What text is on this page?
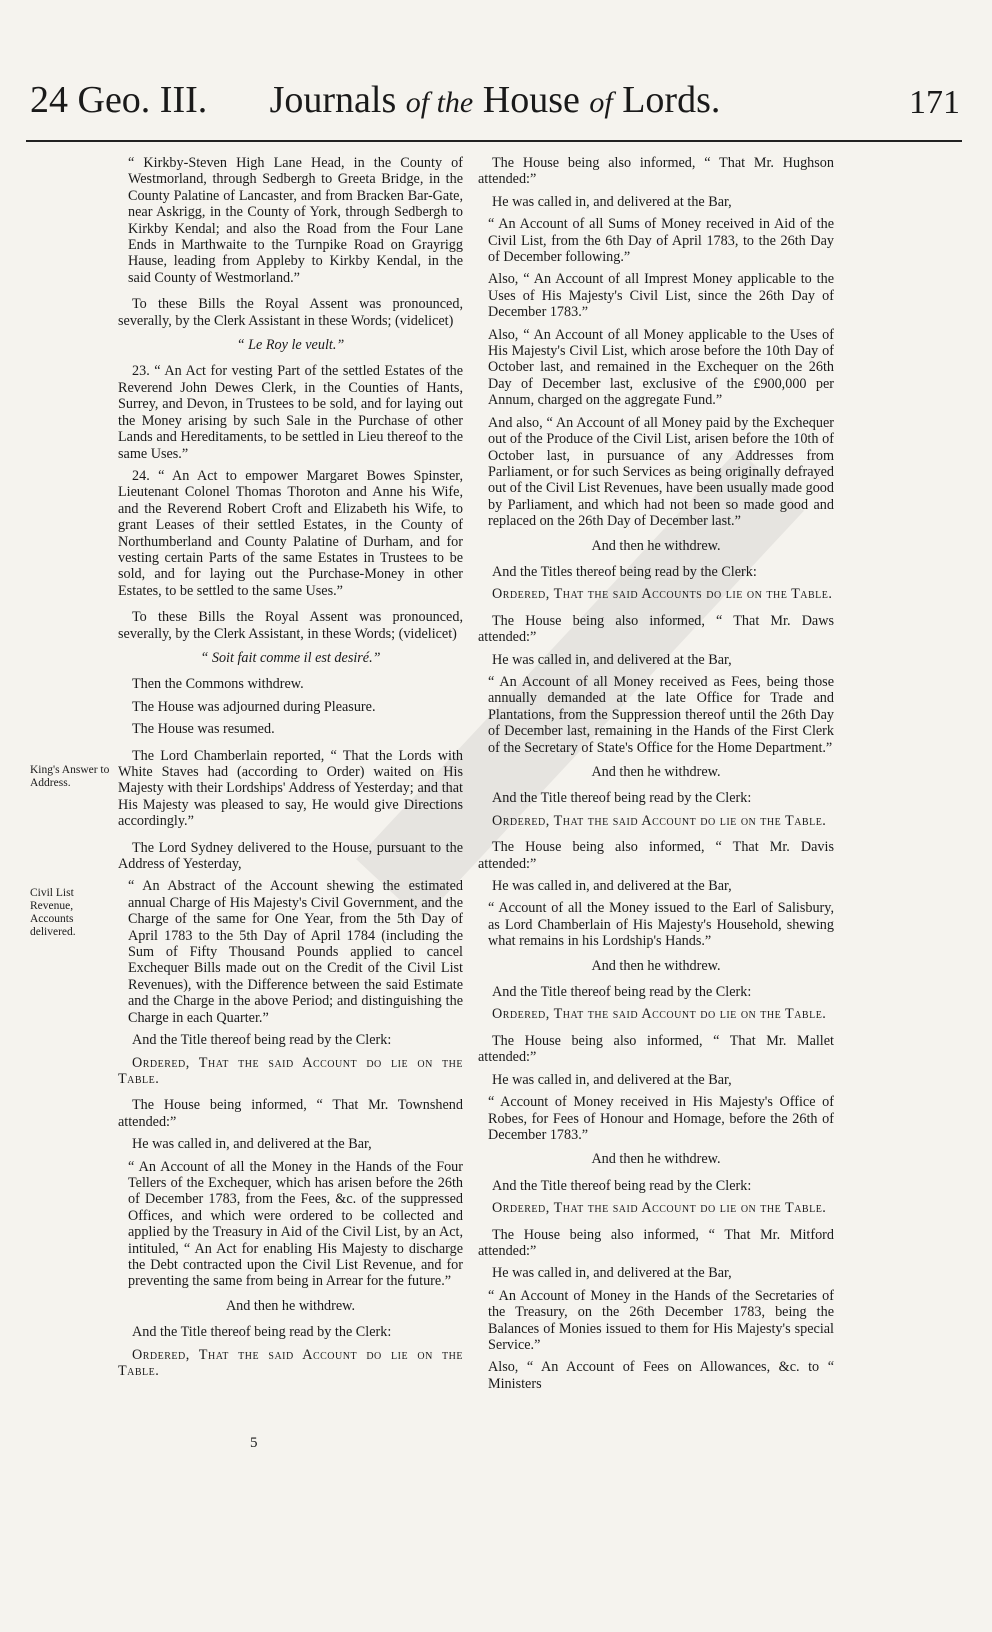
24 Geo. III.	Journals of the House of Lords.	171
King's Answer to Address.
Civil List Revenue, Accounts delivered.

“ Kirkby-Steven High Lane Head, in the County of Westmorland, through Sedbergh to Greeta Bridge, in the County Palatine of Lancaster, and from Bracken Bar-Gate, near Askrigg, in the County of York, through Sedbergh to Kirkby Kendal; and also the Road from the Four Lane Ends in Marthwaite to the Turnpike Road on Grayrigg Hause, leading from Appleby to Kirkby Kendal, in the said County of Westmorland.”

To these Bills the Royal Assent was pronounced, severally, by the Clerk Assistant in these Words; (videlicet)

“ Le Roy le veult.”

23. “ An Act for vesting Part of the settled Estates of the Reverend John Dewes Clerk, in the Counties of Hants, Surrey, and Devon, in Trustees to be sold, and for laying out the Money arising by such Sale in the Purchase of other Lands and Hereditaments, to be settled in Lieu thereof to the same Uses.”

24. “ An Act to empower Margaret Bowes Spinster, Lieutenant Colonel Thomas Thoroton and Anne his Wife, and the Reverend Robert Croft and Elizabeth his Wife, to grant Leases of their settled Estates, in the County of Northumberland and County Palatine of Durham, and for vesting certain Parts of the same Estates in Trustees to be sold, and for laying out the Purchase-Money in other Estates, to be settled to the same Uses.”

To these Bills the Royal Assent was pronounced, severally, by the Clerk Assistant, in these Words; (videlicet)

“ Soit fait comme il est desiré.”

Then the Commons withdrew.

The House was adjourned during Pleasure.

The House was resumed.

The Lord Chamberlain reported, “ That the Lords with White Staves had (according to Order) waited on His Majesty with their Lordships' Address of Yesterday; and that His Majesty was pleased to say, He would give Directions accordingly.”

The Lord Sydney delivered to the House, pursuant to the Address of Yesterday,

“ An Abstract of the Account shewing the estimated annual Charge of His Majesty's Civil Government, and the Charge of the same for One Year, from the 5th Day of April 1783 to the 5th Day of April 1784 (including the Sum of Fifty Thousand Pounds applied to cancel Exchequer Bills made out on the Credit of the Civil List Revenues), with the Difference between the said Estimate and the Charge in the above Period; and distinguishing the Charge in each Quarter.”

And the Title thereof being read by the Clerk:

Ordered, That the said Account do lie on the Table.

The House being informed, “ That Mr. Townshend attended:”

He was called in, and delivered at the Bar,

“ An Account of all the Money in the Hands of the Four Tellers of the Exchequer, which has arisen before the 26th of December 1783, from the Fees, &c. of the suppressed Offices, and which were ordered to be collected and applied by the Treasury in Aid of the Civil List, by an Act, intituled, “ An Act for enabling His Majesty to discharge the Debt contracted upon the Civil List Revenue, and for preventing the same from being in Arrear for the future.”

And then he withdrew.

And the Title thereof being read by the Clerk:

Ordered, That the said Account do lie on the Table.

The House being also informed, “ That Mr. Hughson attended:”

He was called in, and delivered at the Bar,

“ An Account of all Sums of Money received in Aid of the Civil List, from the 6th Day of April 1783, to the 26th Day of December following.”

Also, “ An Account of all Imprest Money applicable to the Uses of His Majesty's Civil List, since the 26th Day of December 1783.”

Also, “ An Account of all Money applicable to the Uses of His Majesty's Civil List, which arose before the 10th Day of October last, and remained in the Exchequer on the 26th Day of December last, exclusive of the £900,000 per Annum, charged on the aggregate Fund.”

And also, “ An Account of all Money paid by the Exchequer out of the Produce of the Civil List, arisen before the 10th of October last, in pursuance of any Addresses from Parliament, or for such Services as being originally defrayed out of the Civil List Revenues, have been usually made good by Parliament, and which had not been so made good and replaced on the 26th Day of December last.”

And then he withdrew.

And the Titles thereof being read by the Clerk:

Ordered, That the said Accounts do lie on the Table.

The House being also informed, “ That Mr. Daws attended:”

He was called in, and delivered at the Bar,

“ An Account of all Money received as Fees, being those annually demanded at the late Office for Trade and Plantations, from the Suppression thereof until the 26th Day of December last, remaining in the Hands of the First Clerk of the Secretary of State's Office for the Home Department.”

And then he withdrew.

And the Title thereof being read by the Clerk:

Ordered, That the said Account do lie on the Table.

The House being also informed, “ That Mr. Davis attended:”

He was called in, and delivered at the Bar,

“ Account of all the Money issued to the Earl of Salisbury, as Lord Chamberlain of His Majesty's Household, shewing what remains in his Lordship's Hands.”

And then he withdrew.

And the Title thereof being read by the Clerk:

Ordered, That the said Account do lie on the Table.

The House being also informed, “ That Mr. Mallet attended:”

He was called in, and delivered at the Bar,

“ Account of Money received in His Majesty's Office of Robes, for Fees of Honour and Homage, before the 26th of December 1783.”

And then he withdrew.

And the Title thereof being read by the Clerk:

Ordered, That the said Account do lie on the Table.

The House being also informed, “ That Mr. Mitford attended:”

He was called in, and delivered at the Bar,

“ An Account of Money in the Hands of the Secretaries of the Treasury, on the 26th December 1783, being the Balances of Monies issued to them for His Majesty's special Service.”

Also, “ An Account of Fees on Allowances, &c. to “ Ministers

5
